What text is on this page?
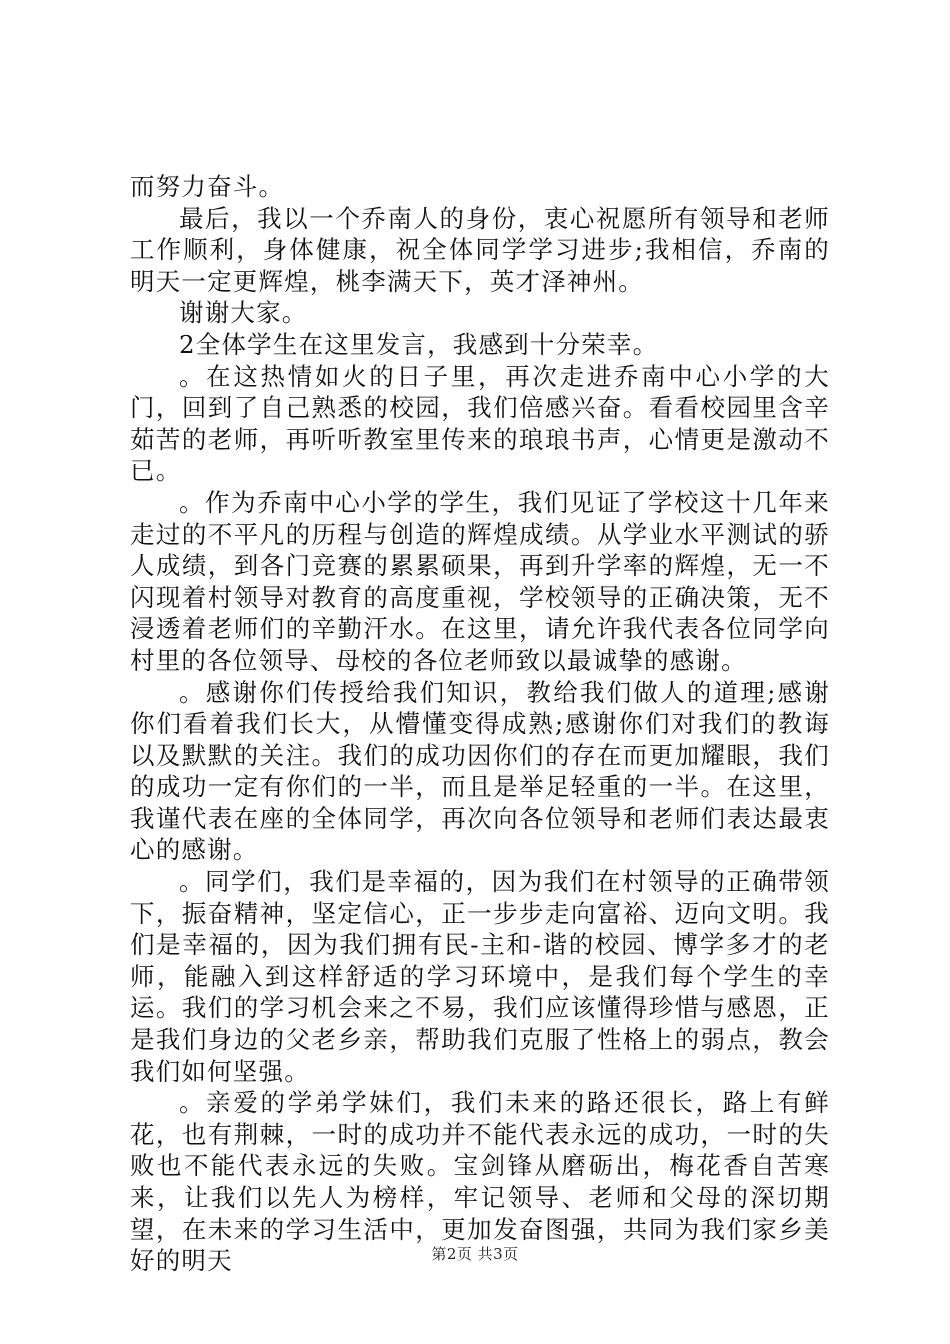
而努力奋斗。

最后，我以一个乔南人的身份，衷心祝愿所有领导和老师工作顺利，身体健康，祝全体同学学习进步;我相信，乔南的明天一定更辉煌，桃李满天下，英才泽神州。

谢谢大家。

2全体学生在这里发言，我感到十分荣幸。

。在这热情如火的日子里，再次走进乔南中心小学的大门，回到了自己熟悉的校园，我们倍感兴奋。看看校园里含辛茹苦的老师，再听听教室里传来的琅琅书声，心情更是激动不已。

。作为乔南中心小学的学生，我们见证了学校这十几年来走过的不平凡的历程与创造的辉煌成绩。从学业水平测试的骄人成绩，到各门竞赛的累累硕果，再到升学率的辉煌，无一不闪现着村领导对教育的高度重视，学校领导的正确决策，无不浸透着老师们的辛勤汗水。在这里，请允许我代表各位同学向村里的各位领导、母校的各位老师致以最诚挚的感谢。

。感谢你们传授给我们知识，教给我们做人的道理;感谢你们看着我们长大，从懵懂变得成熟;感谢你们对我们的教诲以及默默的关注。我们的成功因你们的存在而更加耀眼，我们的成功一定有你们的一半，而且是举足轻重的一半。在这里，我谨代表在座的全体同学，再次向各位领导和老师们表达最衷心的感谢。

。同学们，我们是幸福的，因为我们在村领导的正确带领下，振奋精神，坚定信心，正一步步走向富裕、迈向文明。我们是幸福的，因为我们拥有民-主和-谐的校园、博学多才的老师，能融入到这样舒适的学习环境中，是我们每个学生的幸运。我们的学习机会来之不易，我们应该懂得珍惜与感恩，正是我们身边的父老乡亲，帮助我们克服了性格上的弱点，教会我们如何坚强。

。亲爱的学弟学妹们，我们未来的路还很长，路上有鲜花，也有荆棘，一时的成功并不能代表永远的成功，一时的失败也不能代表永远的失败。宝剑锋从磨砺出，梅花香自苦寒来，让我们以先人为榜样，牢记领导、老师和父母的深切期望，在未来的学习生活中，更加发奋图强，共同为我们家乡美好的明天	第2页 共3页
